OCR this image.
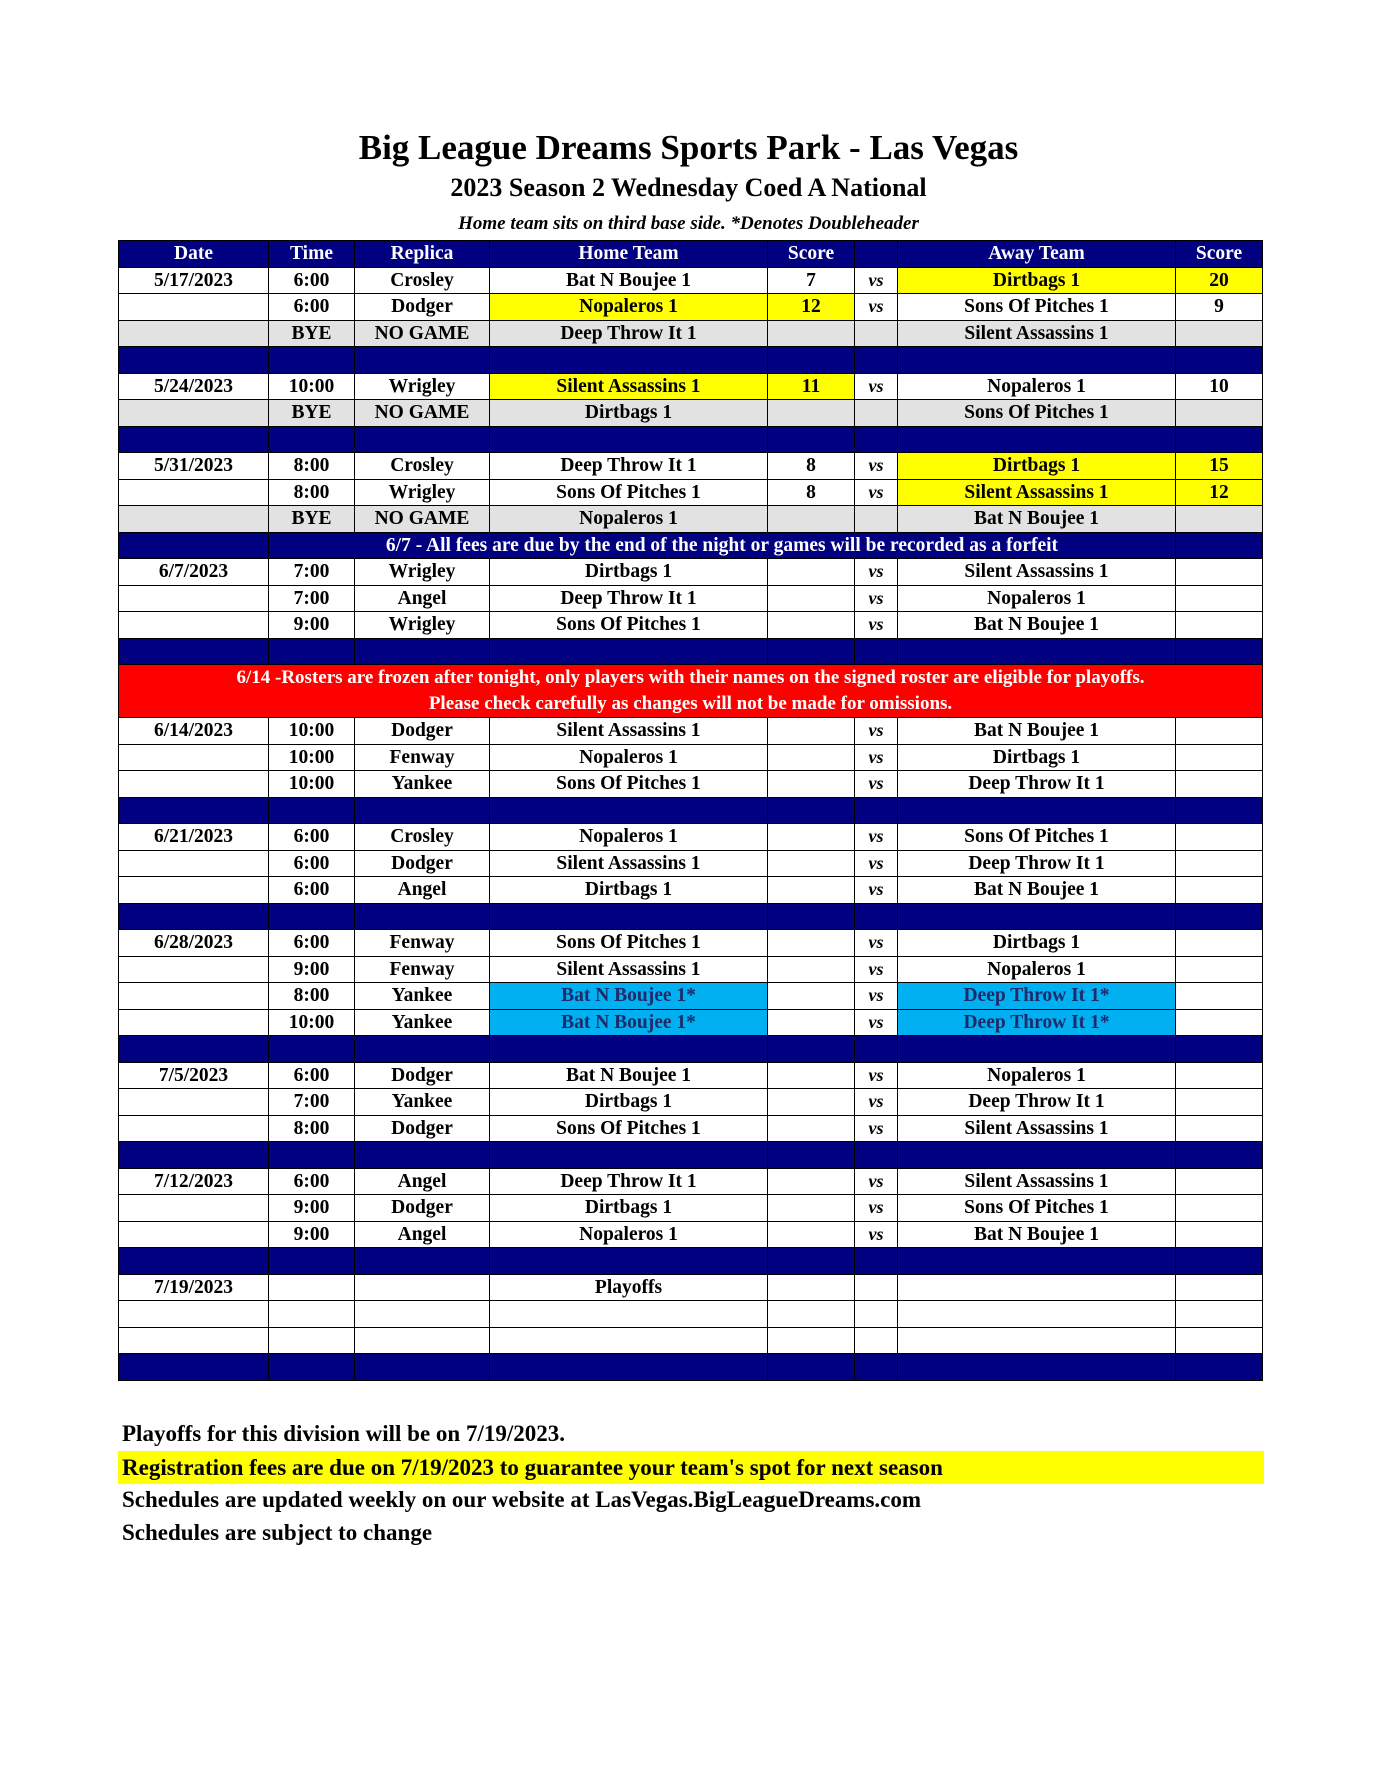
Big League Dreams Sports Park - Las Vegas
2023 Season 2 Wednesday Coed A National
Home team sits on third base side. *Denotes Doubleheader
Date	Time	Replica	Home Team	Score		Away Team	Score
5/17/2023	6:00	Crosley	Bat N Boujee 1	7	vs	Dirtbags 1	20
	6:00	Dodger	Nopaleros 1	12	vs	Sons Of Pitches 1	9
	BYE	NO GAME	Deep Throw It 1			Silent Assassins 1	

5/24/2023	10:00	Wrigley	Silent Assassins 1	11	vs	Nopaleros 1	10
	BYE	NO GAME	Dirtbags 1			Sons Of Pitches 1	

5/31/2023	8:00	Crosley	Deep Throw It 1	8	vs	Dirtbags 1	15
	8:00	Wrigley	Sons Of Pitches 1	8	vs	Silent Assassins 1	12
	BYE	NO GAME	Nopaleros 1			Bat N Boujee 1	
	6/7 - All fees are due by the end of the night or games will be recorded as a forfeit						
6/7/2023	7:00	Wrigley	Dirtbags 1		vs	Silent Assassins 1	
	7:00	Angel	Deep Throw It 1		vs	Nopaleros 1	
	9:00	Wrigley	Sons Of Pitches 1		vs	Bat N Boujee 1	

6/14 -Rosters are frozen after tonight, only players with their names on the signed roster are eligible for playoffs.
Please check carefully as changes will not be made for omissions.							

6/14/2023	10:00	Dodger	Silent Assassins 1		vs	Bat N Boujee 1	
	10:00	Fenway	Nopaleros 1		vs	Dirtbags 1	
	10:00	Yankee	Sons Of Pitches 1		vs	Deep Throw It 1	

6/21/2023	6:00	Crosley	Nopaleros 1		vs	Sons Of Pitches 1	
	6:00	Dodger	Silent Assassins 1		vs	Deep Throw It 1	
	6:00	Angel	Dirtbags 1		vs	Bat N Boujee 1	

6/28/2023	6:00	Fenway	Sons Of Pitches 1		vs	Dirtbags 1	
	9:00	Fenway	Silent Assassins 1		vs	Nopaleros 1	
	8:00	Yankee	Bat N Boujee 1*		vs	Deep Throw It 1*	
	10:00	Yankee	Bat N Boujee 1*		vs	Deep Throw It 1*	

7/5/2023	6:00	Dodger	Bat N Boujee 1		vs	Nopaleros 1	
	7:00	Yankee	Dirtbags 1		vs	Deep Throw It 1	
	8:00	Dodger	Sons Of Pitches 1		vs	Silent Assassins 1	

7/12/2023	6:00	Angel	Deep Throw It 1		vs	Silent Assassins 1	
	9:00	Dodger	Dirtbags 1		vs	Sons Of Pitches 1	
	9:00	Angel	Nopaleros 1		vs	Bat N Boujee 1	

7/19/2023			Playoffs				

Playoffs for this division will be on 7/19/2023.
Registration fees are due on 7/19/2023 to guarantee your team's spot for next season
Schedules are updated weekly on our website at LasVegas.BigLeagueDreams.com
Schedules are subject to change
